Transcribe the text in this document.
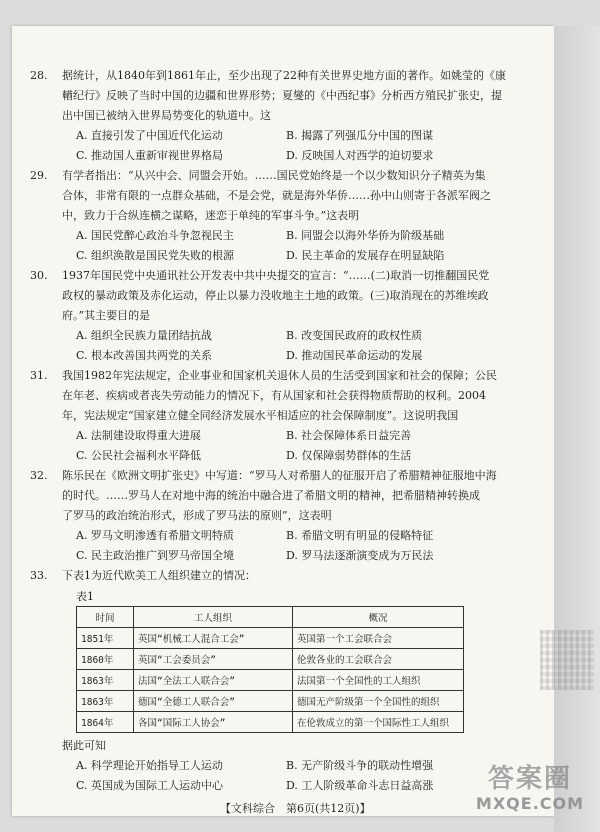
28. 据统计，从1840年到1861年止，至少出现了22种有关世界史地方面的著作。如姚莹的《康

輶纪行》反映了当时中国的边疆和世界形势；夏燮的《中西纪事》分析西方殖民扩张史，提

出中国已被纳入世界局势变化的轨道中。这

A. 直接引发了中国近代化运动	B. 揭露了列强瓜分中国的图谋
C. 推动国人重新审视世界格局	D. 反映国人对西学的迫切要求
29. 有学者指出：“从兴中会、同盟会开始。……国民党始终是一个以少数知识分子精英为集

合体，非常有限的一点群众基础，不是会党，就是海外华侨……孙中山则寄于各派军阀之

中，致力于合纵连横之谋略，迷恋于单纯的军事斗争。”这表明

A. 国民党醉心政治斗争忽视民主	B. 同盟会以海外华侨为阶级基础
C. 组织涣散是国民党失败的根源	D. 民主革命的发展存在明显缺陷
30. 1937年国民党中央通讯社公开发表中共中央提交的宣言：“……(二)取消一切推翻国民党

政权的暴动政策及赤化运动，停止以暴力没收地主土地的政策。(三)取消现在的苏维埃政

府。”其主要目的是

A. 组织全民族力量团结抗战	B. 改变国民政府的政权性质
C. 根本改善国共两党的关系	D. 推动国民革命运动的发展
31. 我国1982年宪法规定，企业事业和国家机关退休人员的生活受到国家和社会的保障；公民

在年老、疾病或者丧失劳动能力的情况下，有从国家和社会获得物质帮助的权利。2004

年，宪法规定“国家建立健全同经济发展水平相适应的社会保障制度”。这说明我国

A. 法制建设取得重大进展	B. 社会保障体系日益完善
C. 公民社会福利水平降低	D. 仅保障弱势群体的生活
32. 陈乐民在《欧洲文明扩张史》中写道：“罗马人对希腊人的征服开启了希腊精神征服地中海

的时代。……罗马人在对地中海的统治中融合进了希腊文明的精神，把希腊精神转换成

了罗马的政治统治形式，形成了罗马法的原则”，这表明

A. 罗马文明渗透有希腊文明特质	B. 希腊文明有明显的侵略特征
C. 民主政治推广到罗马帝国全境	D. 罗马法逐渐演变成为万民法
33. 下表1为近代欧美工人组织建立的情况：

表1
时间	工人组织	概况
1851年	英国“机械工人混合工会”	英国第一个工会联合会
1860年	英国“工会委员会”	伦敦各业的工会联合会
1863年	法国“全法工人联合会”	法国第一个全国性的工人组织
1863年	德国“全德工人联合会”	德国无产阶级第一个全国性的组织
1864年	各国“国际工人协会”	在伦敦成立的第一个国际性工人组织

据此可知

A. 科学理论开始指导工人运动	B. 无产阶级斗争的联动性增强
C. 英国成为国际工人运动中心	D. 工人阶级革命斗志日益高涨
【文科综合　第6页(共12页)】
答案圈
MXQE.COM
